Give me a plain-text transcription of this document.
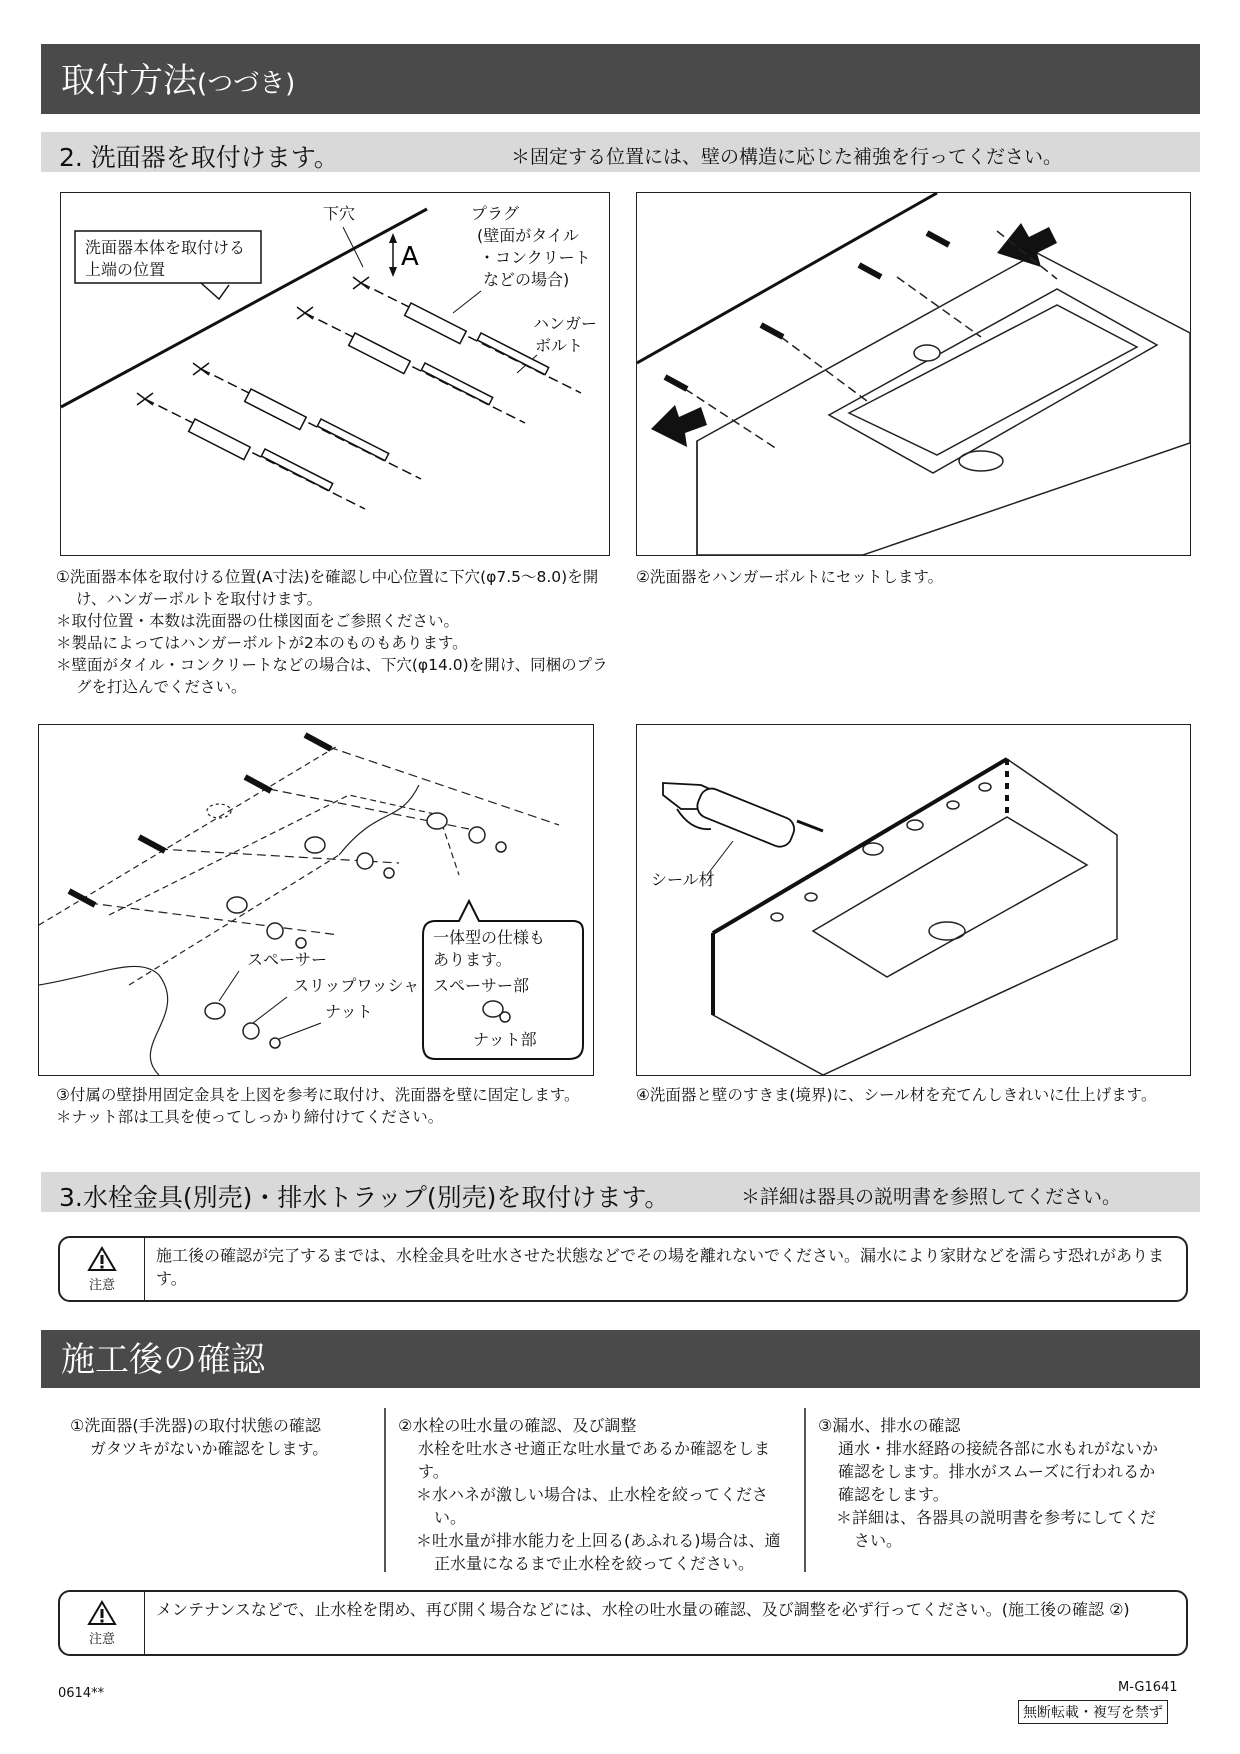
取付方法(つづき)
2. 洗面器を取付けます。	＊固定する位置には、壁の構造に応じた補強を行ってください。
洗面器本体を取付ける
上端の位置
下穴
A
プラグ
(壁面がタイル
・コンクリート
などの場合)
ハンガー
ボルト

①洗面器本体を取付ける位置(A寸法)を確認し中心位置に下穴(φ7.5～8.0)を開け、ハンガーボルトを取付けます。

＊取付位置・本数は洗面器の仕様図面をご参照ください。

＊製品によってはハンガーボルトが2本のものもあります。

＊壁面がタイル・コンクリートなどの場合は、下穴(φ14.0)を開け、同梱のプラグを打込んでください。

②洗面器をハンガーボルトにセットします。

スペーサー
スリップワッシャ
ナット
一体型の仕様も
あります。
スペーサー部
ナット部
シール材

③付属の壁掛用固定金具を上図を参考に取付け、洗面器を壁に固定します。

＊ナット部は工具を使ってしっかり締付けてください。

④洗面器と壁のすきま(境界)に、シール材を充てんしきれいに仕上げます。

3.水栓金具(別売)・排水トラップ(別売)を取付けます。	＊詳細は器具の説明書を参照してください。
注意
施工後の確認が完了するまでは、水栓金具を吐水させた状態などでその場を離れないでください。漏水により家財などを濡らす恐れがあります。
施工後の確認

①洗面器(手洗器)の取付状態の確認

ガタツキがないか確認をします。

②水栓の吐水量の確認、及び調整

水栓を吐水させ適正な吐水量であるか確認をします。

＊水ハネが激しい場合は、止水栓を絞ってください。

＊吐水量が排水能力を上回る(あふれる)場合は、適正水量になるまで止水栓を絞ってください。

③漏水、排水の確認

通水・排水経路の接続各部に水もれがないか確認をします。排水がスムーズに行われるか確認をします。

＊詳細は、各器具の説明書を参考にしてください。

注意
メンテナンスなどで、止水栓を閉め、再び開く場合などには、水栓の吐水量の確認、及び調整を必ず行ってください。(施工後の確認 ②)
0614**	M-G1641
無断転載・複写を禁ず
